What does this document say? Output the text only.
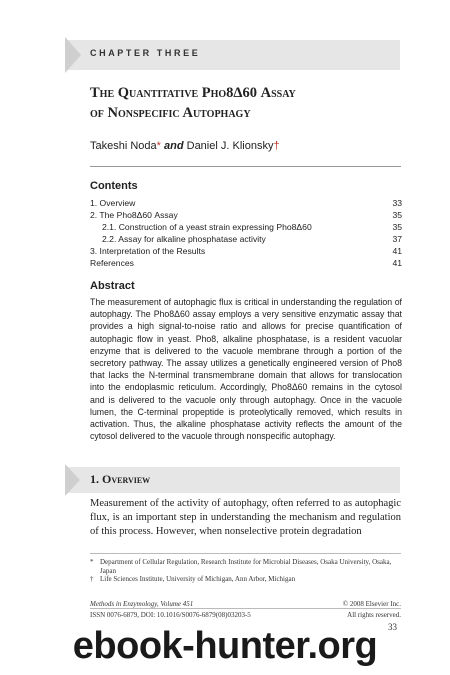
CHAPTER THREE
The Quantitative Pho8Δ60 Assay
of Nonspecific Autophagy
Takeshi Noda* and Daniel J. Klionsky†
Contents
1. Overview	33
2. The Pho8Δ60 Assay	35
2.1. Construction of a yeast strain expressing Pho8Δ60	35
2.2. Assay for alkaline phosphatase activity	37
3. Interpretation of the Results	41
References	41
Abstract
The measurement of autophagic flux is critical in understanding the regulation of autophagy. The Pho8Δ60 assay employs a very sensitive enzymatic assay that provides a high signal-to-noise ratio and allows for precise quantification of autophagic flow in yeast. Pho8, alkaline phosphatase, is a resident vacuolar enzyme that is delivered to the vacuole membrane through a portion of the secretory pathway. The assay utilizes a genetically engineered version of Pho8 that lacks the N-terminal transmembrane domain that allows for translocation into the endoplasmic reticulum. Accordingly, Pho8Δ60 remains in the cytosol and is delivered to the vacuole only through autophagy. Once in the vacuole lumen, the C-terminal propeptide is proteolytically removed, which results in activation. Thus, the alkaline phosphatase activity reflects the amount of the cytosol delivered to the vacuole through nonspecific autophagy.
1. Overview
Measurement of the activity of autophagy, often referred to as autophagic flux, is an important step in understanding the mechanism and regulation of this process. However, when nonselective protein degradation
* Department of Cellular Regulation, Research Institute for Microbial Diseases, Osaka University, Osaka, Japan
† Life Sciences Institute, University of Michigan, Ann Arbor, Michigan
Methods in Enzymology, Volume 451	© 2008 Elsevier Inc.
ISSN 0076-6879, DOI: 10.1016/S0076-6879(08)03203-5	All rights reserved.
33
ebook-hunter.org
